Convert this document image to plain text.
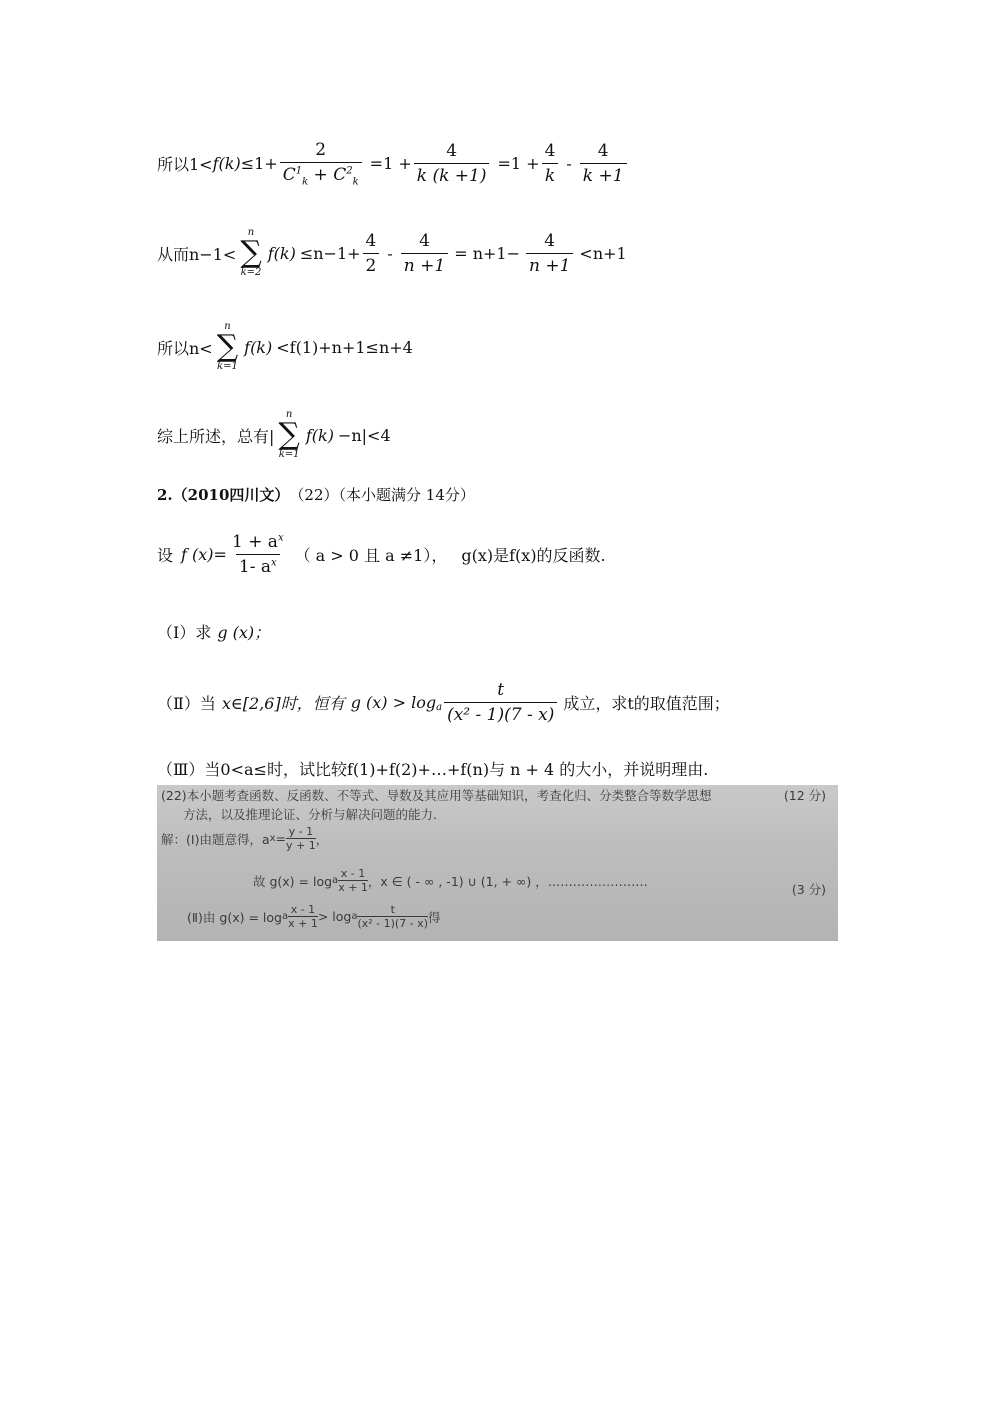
所以1< f $(k) \le 1+ \frac{2}{C^1_k + C^2_k} =1 + \frac{4}{k (k +1)} =1 + \frac{4}{k} - \frac{4}{k +1}$
从而n−1<
n
∑
k=2
$f(k) \le n-1+ \frac{4}{2} - \frac{4}{n +1} = n+1- \frac{4}{n +1} <n+1$
所以n<
n
∑
k=1
f(k) <f(1)+n+1≤n+4
综上所述，总有|
n
∑
k=1
f(k) −n|<4
2.（2010四川文） （22）（本小题满分 14分）
设 f $(x)= \frac{1 + a^x}{1- a^x}$ （ a > 0 且 a ≠1）， g(x)是f(x)的反函数.
（Ⅰ）求 g (x)；
（Ⅱ）当 x∈[2,6]时，恒有 g $(x) > \log_a \frac{t}{\text{(x² - 1)(7 - x)}}$ 成立，求t的取值范围；
（Ⅲ）当0<a≤时，试比较f(1)+f(2)+…+f(n)与 n + 4 的大小，并说明理由.
(22)本小题考查函数、反函数、不等式、导数及其应用等基础知识，考查化归、分类整合等数学思想	(12 分)
方法，以及推理论证、分析与解决问题的能力.
解：(Ⅰ)由题意得，a $x = \frac{y - 1}{y + 1}$ ，
故 g(x) = log a
x - 1
x + 1 ，x ∈ ( - ∞ , -1) ∪ (1, + ∞) ，……………………
(3 分)
(Ⅱ)由 g(x) = log a
x - 1
x + 1 > log a
t
(x² - 1)(7 - x) 得
